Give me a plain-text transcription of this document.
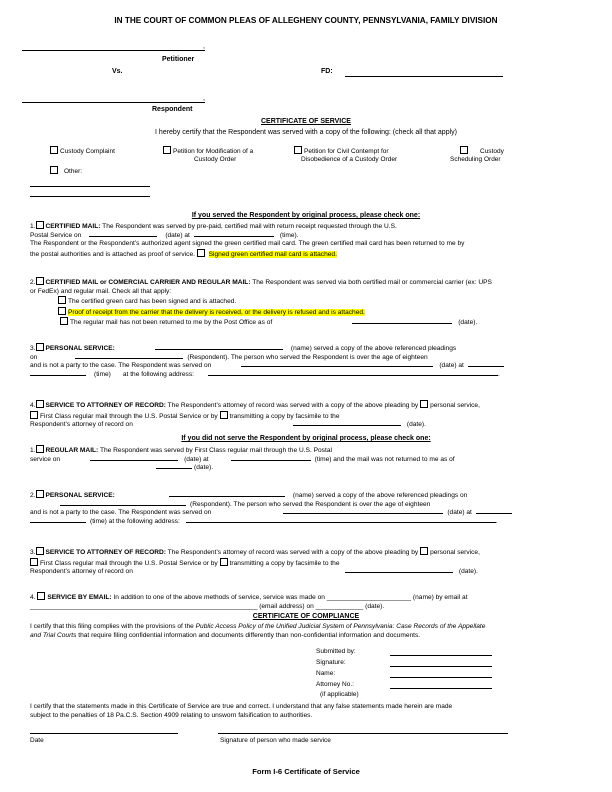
IN THE COURT OF COMMON PLEAS OF ALLEGHENY COUNTY, PENNSYLVANIA, FAMILY DIVISION
,
Petitioner
Vs.	FD:
,
Respondent
CERTIFICATE OF SERVICE
I hereby certify that the Respondent was served with a copy of the following: (check all that apply)
Custody Complaint	Petition for Modification of a
Custody Order
Petition for Civil Contempt for
Disobedience of a Custody Order
Custody
Scheduling Order
Other:
If you served the Respondent by original process, please check one:
1. CERTIFIED MAIL: The Respondent was served by pre-paid, certified mail with return receipt requested through the U.S.
Postal Service on	(date) at	(time).
The Respondent or the Respondent’s authorized agent signed the green certified mail card. The green certified mail card has been returned to me by
the postal authorities and is attached as proof of service. Signed green certified mail card is attached.
2. CERTIFIED MAIL or COMERCIAL CARRIER AND REGULAR MAIL: The Respondent was served via both certified mail or commercial carrier (ex: UPS
or FedEx) and regular mail. Check all that apply:
The certified green card has been signed and is attached.
Proof of receipt from the carrier that the delivery is received, or the delivery is refused and is attached.
The regular mail has not been returned to me by the Post Office as of	(date).
3. PERSONAL SERVICE:	(name) served a copy of the above referenced pleadings
on	(Respondent). The person who served the Respondent is over the age of eighteen
and is not a party to the case. The Respondent was served on	(date) at
(time) at the following address:	.
4. SERVICE TO ATTORNEY OF RECORD: The Respondent’s attorney of record was served with a copy of the above pleading by personal service,
First Class regular mail through the U.S. Postal Service or by transmitting a copy by facsimile to the
Respondent’s attorney of record on	(date).
If you did not serve the Respondent by original process, please check one:
1. REGULAR MAIL: The Respondent was served by First Class regular mail through the U.S. Postal
service on	(date) at	(time) and the mail was not returned to me as of
(date).
2. PERSONAL SERVICE:	(name) served a copy of the above referenced pleadings on
(Respondent). The person who served the Respondent is over the age of eighteen
and is not a party to the case. The Respondent was served on	(date) at
(time) at the following address:	.
3. SERVICE TO ATTORNEY OF RECORD: The Respondent’s attorney of record was served with a copy of the above pleading by personal service,
First Class regular mail through the U.S. Postal Service or by transmitting a copy by facsimile to the
Respondent’s attorney of record on	(date).
4. SERVICE BY EMAIL: In addition to one of the above methods of service, service was made on _______________________ (name) by email at
______________________________________________________________ (email address) on _____________ (date).
CERTIFICATE OF COMPLIANCE
I certify that this filing complies with the provisions of the Public Access Policy of the Unified Judicial System of Pennsylvania: Case Records of the Appellate
and Trial Courts that require filing confidential information and documents differently than non-confidential information and documents.
Submitted by:
Signature:
Name:
Attorney No.:
(if applicable)
I certify that the statements made in this Certificate of Service are true and correct. I understand that any false statements made herein are made
subject to the penalties of 18 Pa.C.S. Section 4909 relating to unsworn falsification to authorities.
Date	Signature of person who made service
Form I-6 Certificate of Service
